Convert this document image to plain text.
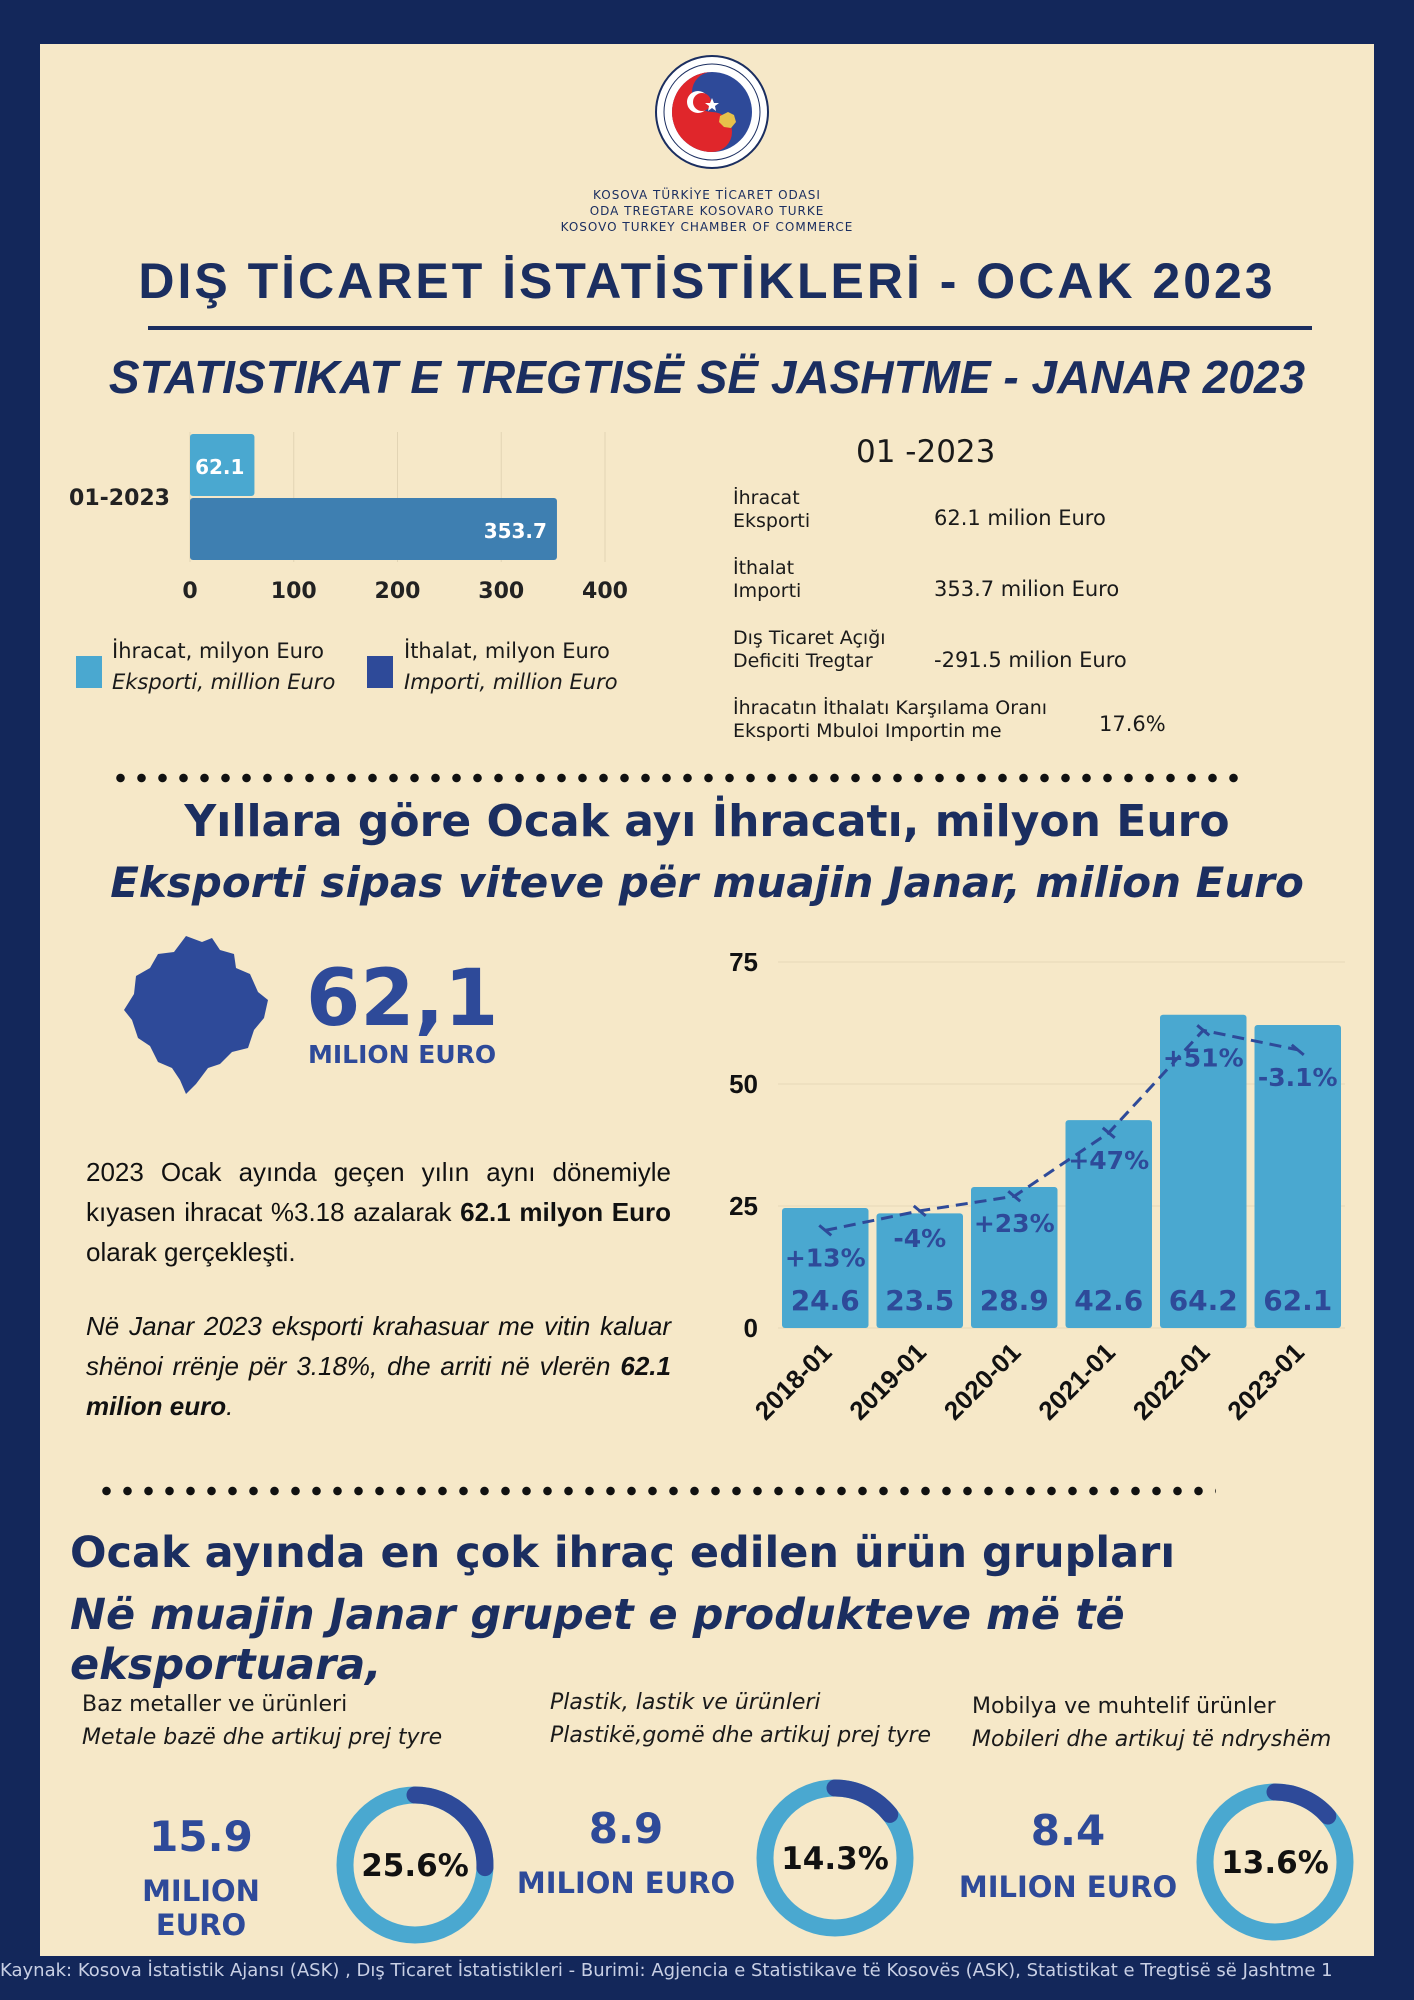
KOSOVA TÜRKİYE TİCARET ODASI
ODA TREGTARE KOSOVARO TURKE
KOSOVO TURKEY CHAMBER OF COMMERCE
DIŞ TİCARET İSTATİSTİKLERİ - OCAK 2023
STATISTIKAT E TREGTISË SË JASHTME - JANAR 2023
0	100	200	300	400
01-2023
62.1
353.7
İhracat, milyon Euro
Eksporti, million Euro
İthalat, milyon Euro
Importi, million Euro
01 -2023
İhracat
Eksporti	62.1 milion Euro
İthalat
Importi	353.7 milion Euro
Dış Ticaret Açığı
Deficiti Tregtar	-291.5 milion Euro
İhracatın İthalatı Karşılama Oranı
Eksporti Mbuloi Importin me	17.6%
Yıllara göre Ocak ayı İhracatı, milyon Euro
Eksporti sipas viteve për muajin Janar, milion Euro
62,1
MILION EURO
2023 Ocak ayında geçen yılın aynı dönemiyle kıyasen ihracat %3.18 azalarak 62.1 milyon Euro olarak gerçekleşti.
Në Janar 2023 eksporti krahasuar me vitin kaluar shënoi rrënje për 3.18%, dhe arriti në vlerën 62.1 milion euro.
0
25
50
75
24.6
2018-01
23.5
2019-01
28.9
2020-01
42.6
2021-01
64.2
2022-01
62.1
2023-01
+13%
-4%
+23%
+47%
+51%
-3.1%
Ocak ayında en çok ihraç edilen ürün grupları
Në muajin Janar grupet e produkteve më të eksportuara,
Baz metaller ve ürünleri
Metale bazë dhe artikuj prej tyre
15.9
MILION EURO
25.6%
Plastik, lastik ve ürünleri
Plastikë,gomë dhe artikuj prej tyre
8.9
MILION EURO
14.3%
Mobilya ve muhtelif ürünler
Mobileri dhe artikuj të ndryshëm
8.4
MILION EURO
13.6%
Kaynak: Kosova İstatistik Ajansı (ASK) , Dış Ticaret İstatistikleri - Burimi: Agjencia e Statistikave të Kosovës (ASK), Statistikat e Tregtisë së Jashtme 1
